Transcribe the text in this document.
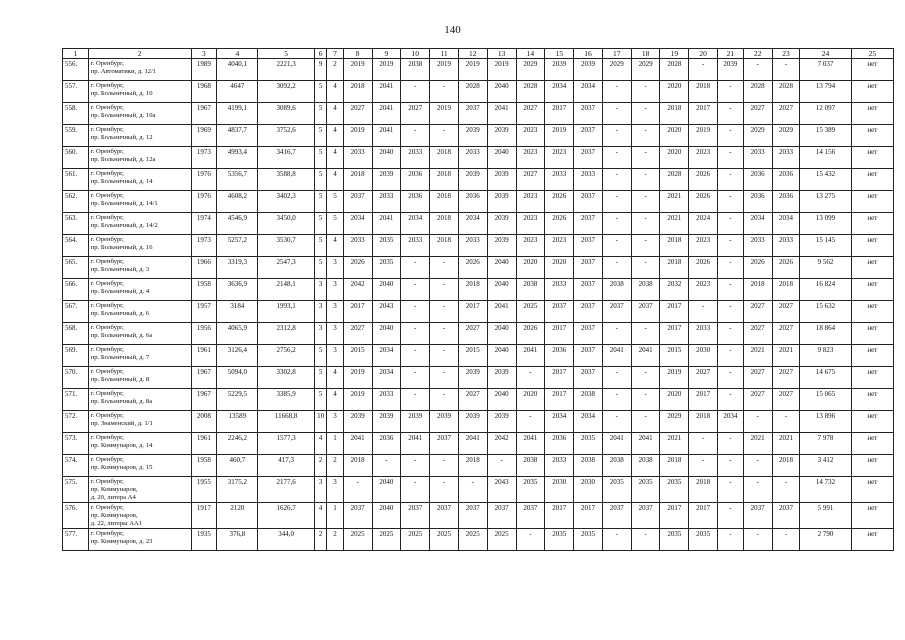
140
1	2	3	4	5	6	7	8	9	10	11	12	13	14	15	16	17	18	19	20	21	22	23	24	25
556.	г. Оренбург,
пр. Автоматики, д. 12/1	1989	4040,1	2221,3	9	2	2019	2019	2038	2019	2019	2019	2029	2039	2039	2029	2029	2028	-	2039	-	-	7 037	нет
557.	г. Оренбург,
пр. Больничный, д. 10	1968	4647	3092,2	5	4	2018	2041	-	-	2028	2040	2028	2034	2034	-	-	2020	2018	-	2028	2028	13 794	нет
558.	г. Оренбург,
пр. Больничный, д. 10а	1967	4199,1	3089,6	5	4	2027	2041	2027	2019	2037	2041	2027	2017	2037	-	-	2018	2017	-	2027	2027	12 097	нет
559.	г. Оренбург,
пр. Больничный, д. 12	1969	4837,7	3752,6	5	4	2019	2041	-	-	2039	2039	2023	2019	2037	-	-	2020	2019	-	2029	2029	15 389	нет
560.	г. Оренбург,
пр. Больничный, д. 12а	1973	4993,4	3416,7	5	4	2033	2040	2033	2018	2033	2040	2023	2023	2037	-	-	2020	2023	-	2033	2033	14 156	нет
561.	г. Оренбург,
пр. Больничный, д. 14	1976	5356,7	3588,8	5	4	2018	2039	2036	2018	2039	2039	2027	2033	2033	-	-	2028	2026	-	2036	2036	15 432	нет
562.	г. Оренбург,
пр. Больничный, д. 14/1	1976	4608,2	3402,3	5	5	2037	2033	2036	2018	2036	2039	2023	2026	2037	-	-	2021	2026	-	2036	2036	13 275	нет
563.	г. Оренбург,
пр. Больничный, д. 14/2	1974	4546,9	3450,0	5	5	2034	2041	2034	2018	2034	2039	2023	2026	2037	-	-	2021	2024	-	2034	2034	13 099	нет
564.	г. Оренбург,
пр. Больничный, д. 16	1973	5257,2	3530,7	5	4	2033	2035	2033	2018	2033	2039	2023	2023	2037	-	-	2018	2023	-	2033	2033	15 145	нет
565.	г. Оренбург,
пр. Больничный, д. 3	1966	3319,3	2547,3	5	3	2026	2035	-	-	2026	2040	2020	2020	2037	-	-	2018	2026	-	2026	2026	9 562	нет
566.	г. Оренбург,
пр. Больничный, д. 4	1958	3636,9	2148,1	3	3	2042	2040	-	-	2018	2040	2038	2033	2037	2038	2038	2032	2023	-	2018	2018	16 824	нет
567.	г. Оренбург,
пр. Больничный, д. 6	1957	3184	1993,1	3	3	2017	2043	-	-	2017	2041	2025	2037	2037	2037	2037	2017	-	-	2027	2027	15 632	нет
568.	г. Оренбург,
пр. Больничный, д. 6а	1956	4065,9	2312,8	3	3	2027	2040	-	-	2027	2040	2026	2017	2037	-	-	2017	2033	-	2027	2027	18 864	нет
569.	г. Оренбург,
пр. Больничный, д. 7	1961	3126,4	2756,2	5	3	2015	2034	-	-	2015	2040	2041	2036	2037	2041	2041	2015	2030	-	2021	2021	9 823	нет
570.	г. Оренбург,
пр. Больничный, д. 8	1967	5094,0	3302,8	5	4	2019	2034	-	-	2039	2039	-	2017	2037	-	-	2019	2027	-	2027	2027	14 675	нет
571.	г. Оренбург,
пр. Больничный, д. 8а	1967	5229,5	3385,9	5	4	2019	2033	-	-	2027	2040	2020	2017	2038	-	-	2020	2017	-	2027	2027	15 065	нет
572.	г. Оренбург,
пр. Знаменский, д. 1/1	2008	13589	11668,8	10	3	2039	2039	2039	2039	2039	2039	-	2034	2034	-	-	2029	2018	2034	-	-	13 896	нет
573.	г. Оренбург,
пр. Коммунаров, д. 14	1961	2246,2	1577,3	4	1	2041	2036	2041	2037	2041	2042	2041	2036	2035	2041	2041	2021	-	-	2021	2021	7 978	нет
574.	г. Оренбург,
пр. Коммунаров, д. 15	1958	460,7	417,3	2	2	2018	-	-	-	2018	-	2038	2033	2038	2038	2038	2018	-	-	-	2018	3 412	нет
575.	г. Оренбург,
пр. Коммунаров,
д. 20, литера А4	1955	3175,2	2177,6	3	3	-	2040	-	-	-	2043	2035	2030	2030	2035	2035	2035	2018	-	-	-	14 732	нет
576.	г. Оренбург,
пр. Коммунаров,
д. 22, литеры АА1	1917	2120	1626,7	4	1	2037	2040	2037	2037	2037	2037	2037	2017	2017	2037	2037	2017	2017	-	2037	2037	5 991	нет
577.	г. Оренбург,
пр. Коммунаров, д. 23	1935	376,8	344,0	2	2	2025	2025	2025	2025	2025	2025	-	2035	2035	-	-	2035	2035	-	-	-	2 790	нет
